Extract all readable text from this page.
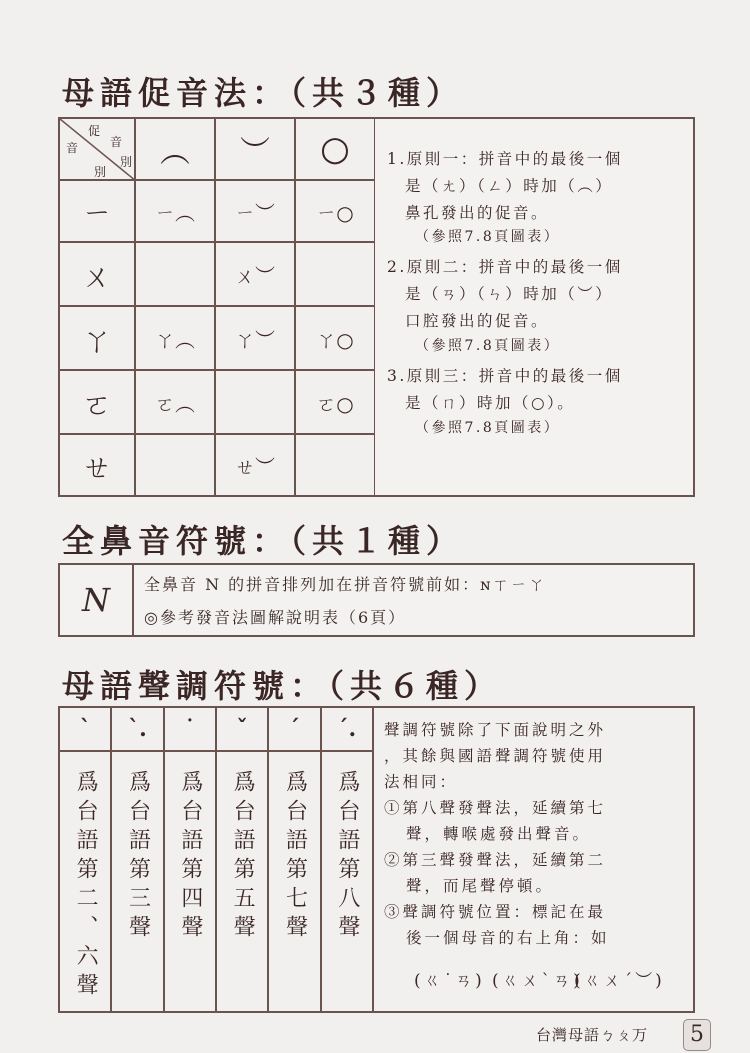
母語促音法：（共３種）
促
音
別
音
別	︵	︶	○
ㄧ	ㄧ︵	ㄧ︶	ㄧ○
ㄨ		ㄨ︶	
ㄚ	ㄚ︵	ㄚ︶	ㄚ○
ㄛ	ㄛ︵		ㄛ○
ㄝ		ㄝ︶	
1.原則一：拼音中的最後一個
是（ㄤ）（ㄥ）時加（︵）
鼻孔發出的促音。
（參照7.8頁圖表）
2.原則二：拼音中的最後一個
是（ㄢ）（ㄣ）時加（︶）
口腔發出的促音。
（參照7.8頁圖表）
3.原則三：拼音中的最後一個
是（ㄇ）時加（○）。
（參照7.8頁圖表）
全鼻音符號：（共１種）
N	全鼻音 N 的拼音排列加在拼音符號前如：ɴㄒㄧㄚ
◎參考發音法圖解說明表（6頁）
母語聲調符號：（共６種）
ˋ	ˋ.	˙	ˇ	ˊ	ˊ.

爲台語第二、六聲	爲台語第三聲	爲台語第四聲	爲台語第五聲	爲台語第七聲	爲台語第八聲
聲調符號除了下面說明之外
，其餘與國語聲調符號使用
法相同：
①第八聲發聲法，延續第七
聲，轉喉處發出聲音。
②第三聲發聲法，延續第二
聲，而尾聲停頓。
③聲調符號位置：標記在最
後一個母音的右上角：如
(ㄍ˙ㄢ) (ㄍㄨˋㄢ)
(ㄍㄨˊ︶)
台灣母語ㄅㄆㄪ	5
